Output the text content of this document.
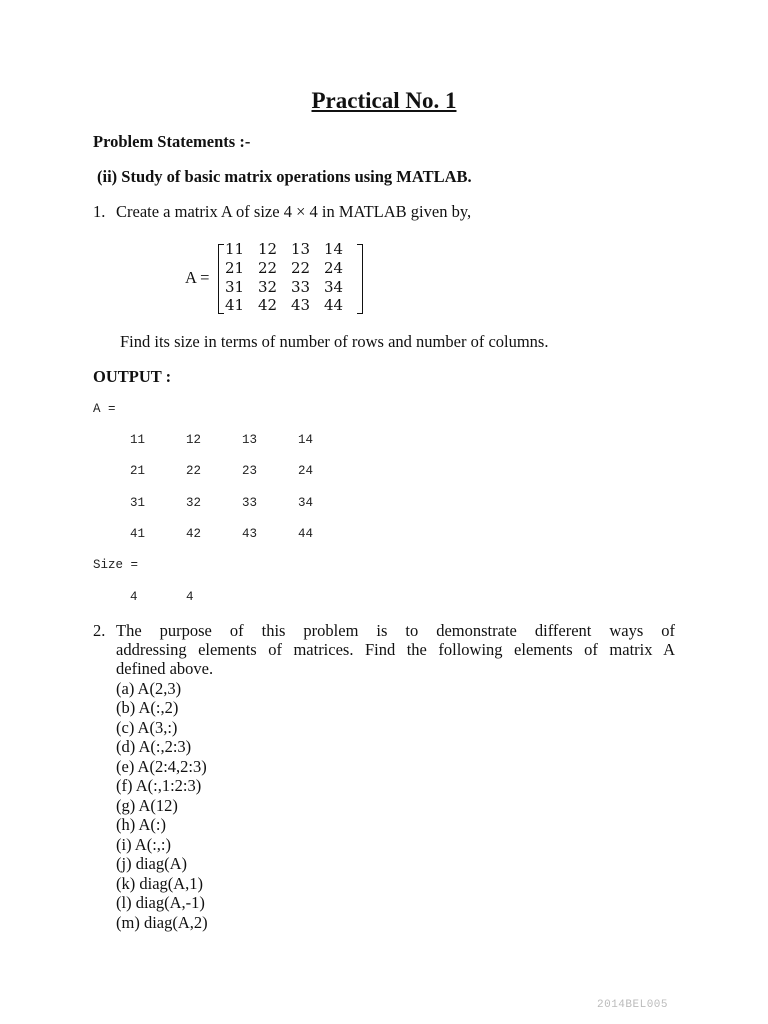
Practical No. 1
Problem Statements :-
(ii) Study of basic matrix operations using MATLAB.
1. Create a matrix A of size 4 × 4 in MATLAB given by,
A =
11 12 13 14
21 22 22 24
31 32 33 34
41 42 43 44
Find its size in terms of number of rows and number of columns.
OUTPUT :
A =
11	12	13	14
21	22	23	24
31	32	33	34
41	42	43	44
Size =
4	4
2. The purpose of this problem is to demonstrate different ways of
addressing elements of matrices. Find the following elements of matrix A
defined above.
(a) A(2,3)
(b) A(:,2)
(c) A(3,:)
(d) A(:,2:3)
(e) A(2:4,2:3)
(f) A(:,1:2:3)
(g) A(12)
(h) A(:)
(i) A(:,:)
(j) diag(A)
(k) diag(A,1)
(l) diag(A,-1)
(m) diag(A,2)
2014BEL005
